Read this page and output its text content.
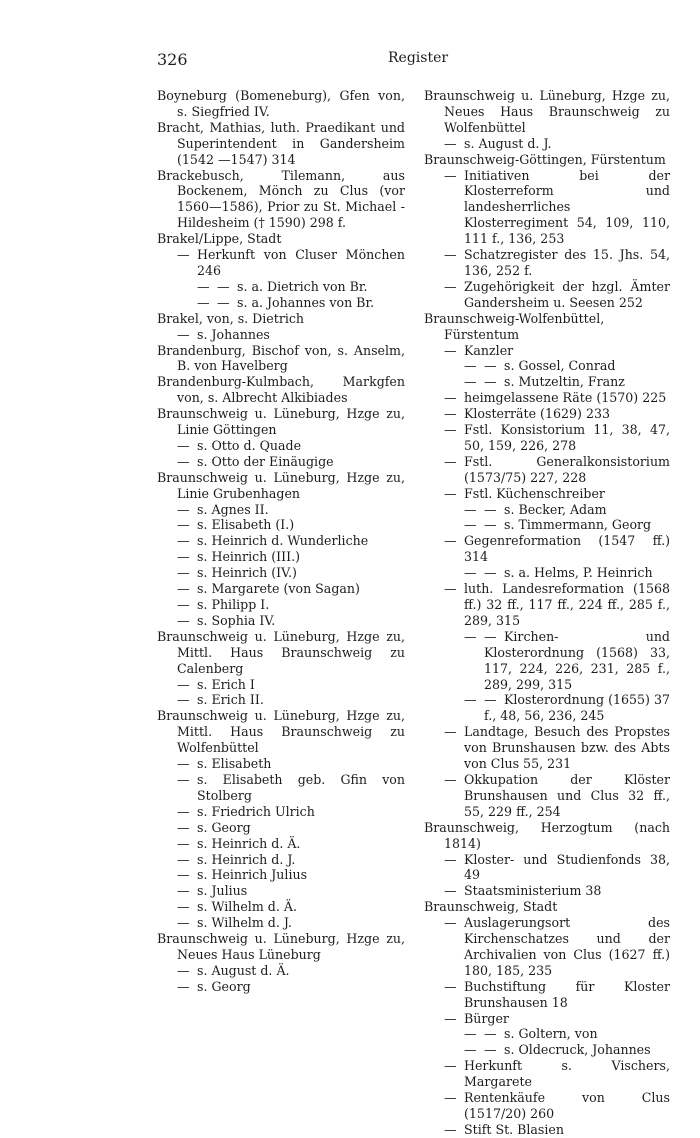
326	Register
Boyneburg (Bomeneburg), Gfen von, s. Siegfried IV.
Bracht, Mathias, luth. Praedikant und Superintendent in Gandersheim (1542 —1547) 314
Brackebusch, Tilemann, aus Bockenem, Mönch zu Clus (vor 1560—1586), Prior zu St. Michael - Hildesheim († 1590) 298 f.
Brakel/Lippe, Stadt
— Herkunft von Cluser Mönchen 246
— — s. a. Dietrich von Br.
— — s. a. Johannes von Br.
Brakel, von, s. Dietrich
— s. Johannes
Brandenburg, Bischof von, s. Anselm, B. von Havelberg
Brandenburg-Kulmbach, Markgfen von, s. Albrecht Alkibiades
Braunschweig u. Lüneburg, Hzge zu, Linie Göttingen
— s. Otto d. Quade
— s. Otto der Einäugige
Braunschweig u. Lüneburg, Hzge zu, Linie Grubenhagen
— s. Agnes II.
— s. Elisabeth (I.)
— s. Heinrich d. Wunderliche
— s. Heinrich (III.)
— s. Heinrich (IV.)
— s. Margarete (von Sagan)
— s. Philipp I.
— s. Sophia IV.
Braunschweig u. Lüneburg, Hzge zu, Mittl. Haus Braunschweig zu Calenberg
— s. Erich I
— s. Erich II.
Braunschweig u. Lüneburg, Hzge zu, Mittl. Haus Braunschweig zu Wolfenbüttel
— s. Elisabeth
— s. Elisabeth geb. Gfin von Stolberg
— s. Friedrich Ulrich
— s. Georg
— s. Heinrich d. Ä.
— s. Heinrich d. J.
— s. Heinrich Julius
— s. Julius
— s. Wilhelm d. Ä.
— s. Wilhelm d. J.
Braunschweig u. Lüneburg, Hzge zu, Neues Haus Lüneburg
— s. August d. Ä.
— s. Georg
Braunschweig u. Lüneburg, Hzge zu, Neues Haus Braunschweig zu Wolfenbüttel
— s. August d. J.
Braunschweig-Göttingen, Fürstentum
— Initiativen bei der Klosterreform und landesherrliches Klosterregiment 54, 109, 110, 111 f., 136, 253
— Schatzregister des 15. Jhs. 54, 136, 252 f.
— Zugehörigkeit der hzgl. Ämter Gandersheim u. Seesen 252
Braunschweig-Wolfenbüttel, Fürstentum
— Kanzler
— — s. Gossel, Conrad
— — s. Mutzeltin, Franz
— heimgelassene Räte (1570) 225
— Klosterräte (1629) 233
— Fstl. Konsistorium 11, 38, 47, 50, 159, 226, 278
— Fstl. Generalkonsistorium (1573/75) 227, 228
— Fstl. Küchenschreiber
— — s. Becker, Adam
— — s. Timmermann, Georg
— Gegenreformation (1547 ff.) 314
— — s. a. Helms, P. Heinrich
— luth. Landesreformation (1568 ff.) 32 ff., 117 ff., 224 ff., 285 f., 289, 315
— — Kirchen- und Klosterordnung (1568) 33, 117, 224, 226, 231, 285 f., 289, 299, 315
— — Klosterordnung (1655) 37 f., 48, 56, 236, 245
— Landtage, Besuch des Propstes von Brunshausen bzw. des Abts von Clus 55, 231
— Okkupation der Klöster Brunshausen und Clus 32 ff., 55, 229 ff., 254
Braunschweig, Herzogtum (nach 1814)
— Kloster- und Studienfonds 38, 49
— Staatsministerium 38
Braunschweig, Stadt
— Auslagerungsort des Kirchenschatzes und der Archivalien von Clus (1627 ff.) 180, 185, 235
— Buchstiftung für Kloster Brunshausen 18
— Bürger
— — s. Goltern, von
— — s. Oldecruck, Johannes
— Herkunft s. Vischers, Margarete
— Rentenkäufe von Clus (1517/20) 260
— Stift St. Blasien
